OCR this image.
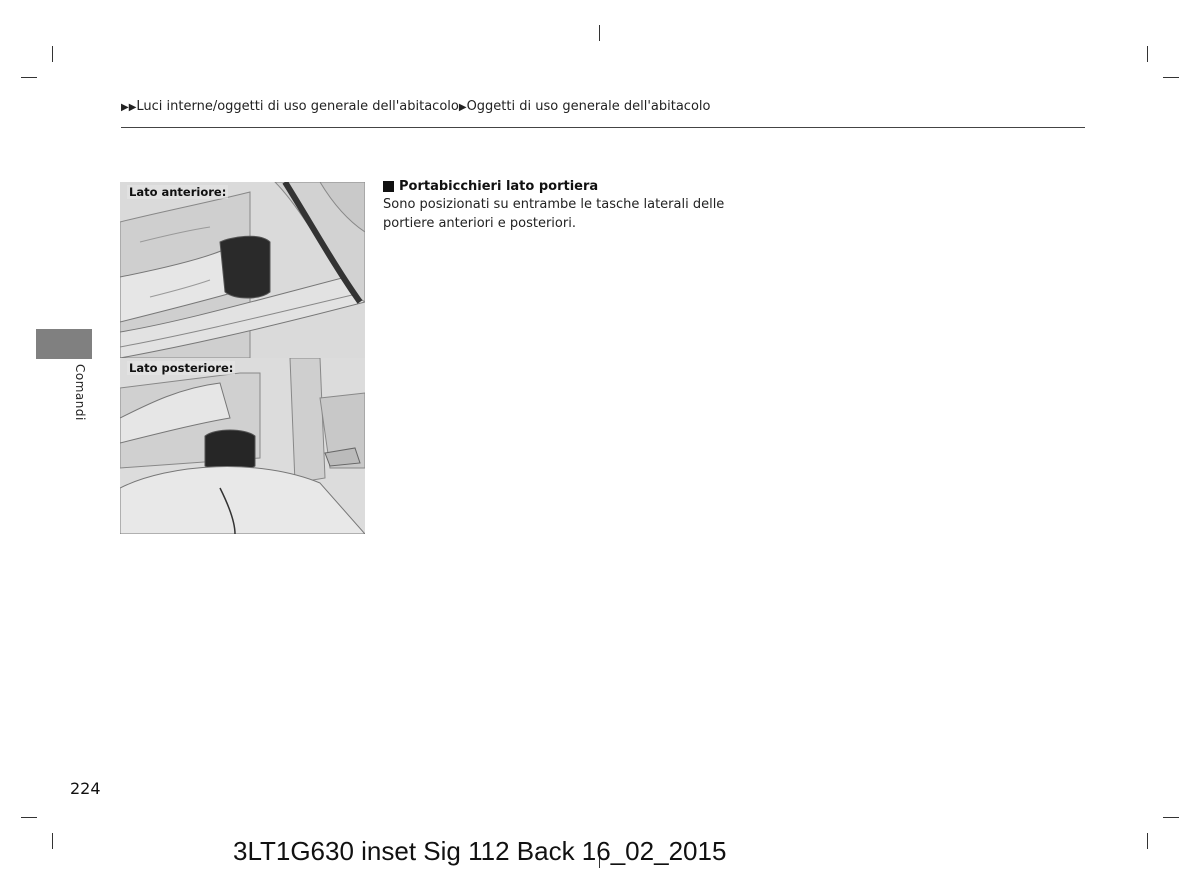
▶▶Luci interne/oggetti di uso generale dell'abitacolo▶Oggetti di uso generale dell'abitacolo
Comandi
Lato anteriore:
Lato posteriore:
Portabicchieri lato portiera
Sono posizionati su entrambe le tasche laterali delle portiere anteriori e posteriori.
224
3LT1G630 inset Sig 112 Back 16_02_2015
